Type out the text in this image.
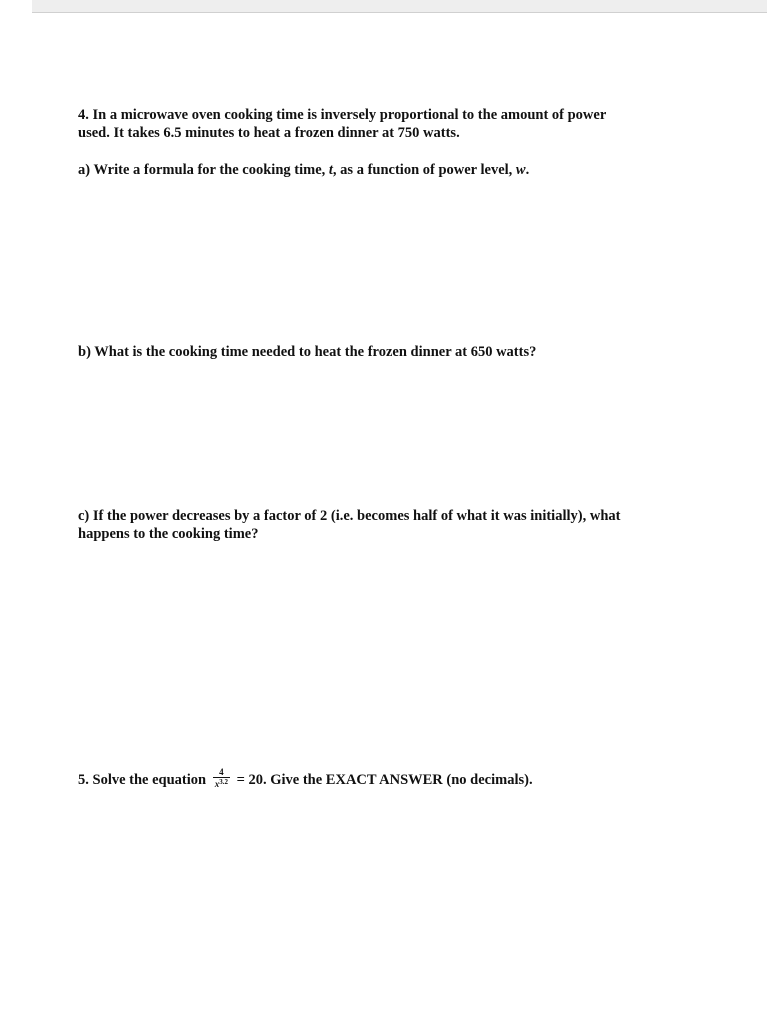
4. In a microwave oven cooking time is inversely proportional to the amount of power
used. It takes 6.5 minutes to heat a frozen dinner at 750 watts.

a) Write a formula for the cooking time, t, as a function of power level, w.

b) What is the cooking time needed to heat the frozen dinner at 650 watts?

c) If the power decreases by a factor of 2 (i.e. becomes half of what it was initially), what
happens to the cooking time?

5. Solve the equation $\frac{4}{x^{3.2}} = 20$. Give the EXACT ANSWER (no decimals).
